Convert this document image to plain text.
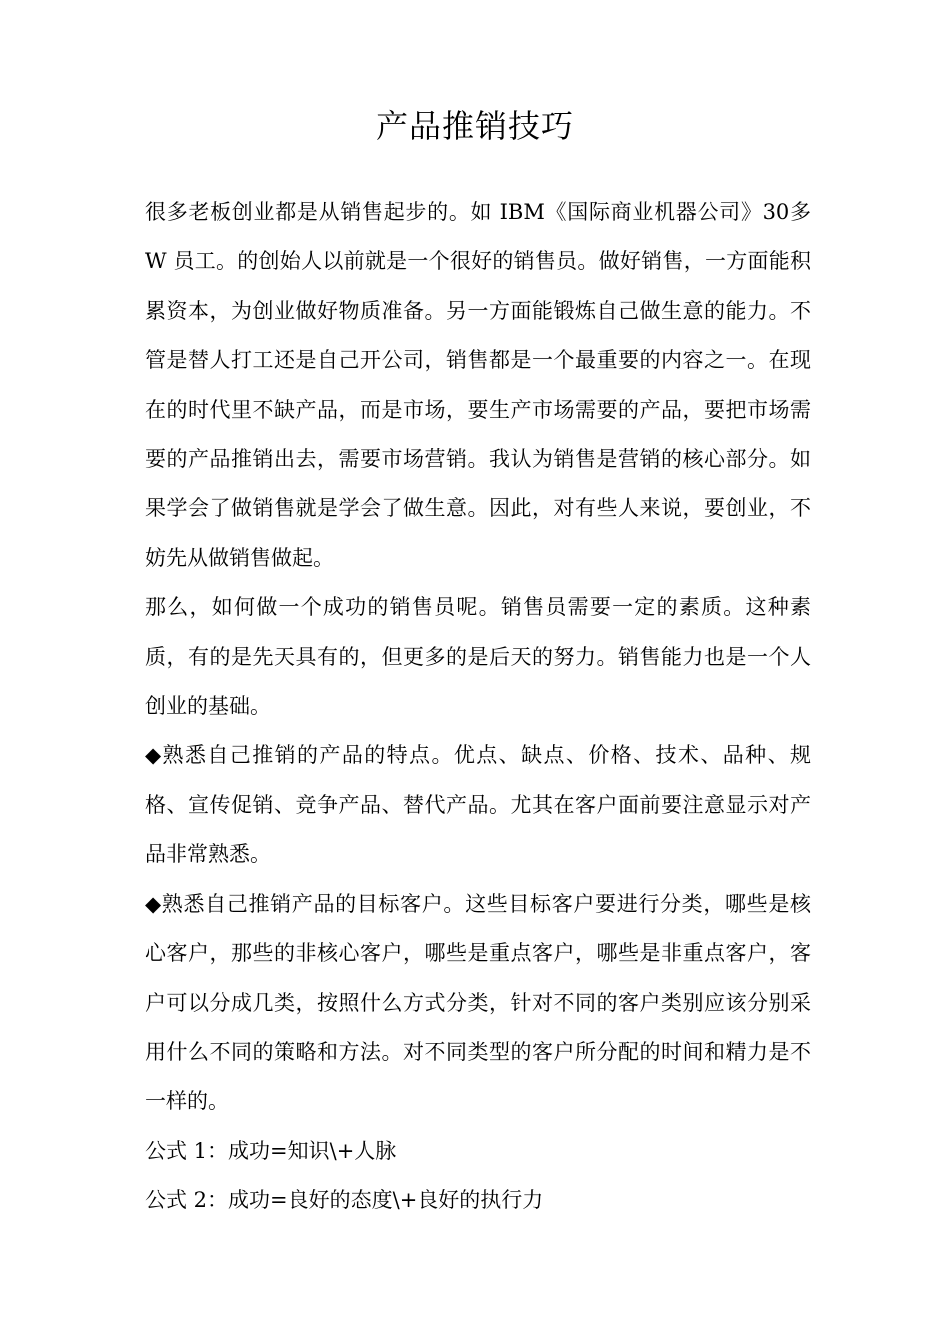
产品推销技巧

很多老板创业都是从销售起步的。如 IBM《国际商业机器公司》30多 W 员工。的创始人以前就是一个很好的销售员。做好销售，一方面能积累资本，为创业做好物质准备。另一方面能锻炼自己做生意的能力。不管是替人打工还是自己开公司，销售都是一个最重要的内容之一。在现在的时代里不缺产品，而是市场，要生产市场需要的产品，要把市场需要的产品推销出去，需要市场营销。我认为销售是营销的核心部分。如果学会了做销售就是学会了做生意。因此，对有些人来说，要创业，不妨先从做销售做起。

那么，如何做一个成功的销售员呢。销售员需要一定的素质。这种素质，有的是先天具有的，但更多的是后天的努力。销售能力也是一个人创业的基础。

◆熟悉自己推销的产品的特点。优点、缺点、价格、技术、品种、规格、宣传促销、竞争产品、替代产品。尤其在客户面前要注意显示对产品非常熟悉。

◆熟悉自己推销产品的目标客户。这些目标客户要进行分类，哪些是核心客户，那些的非核心客户，哪些是重点客户，哪些是非重点客户，客户可以分成几类，按照什么方式分类，针对不同的客户类别应该分别采用什么不同的策略和方法。对不同类型的客户所分配的时间和精力是不一样的。

公式 1：成功=知识\+人脉

公式 2：成功=良好的态度\+良好的执行力
